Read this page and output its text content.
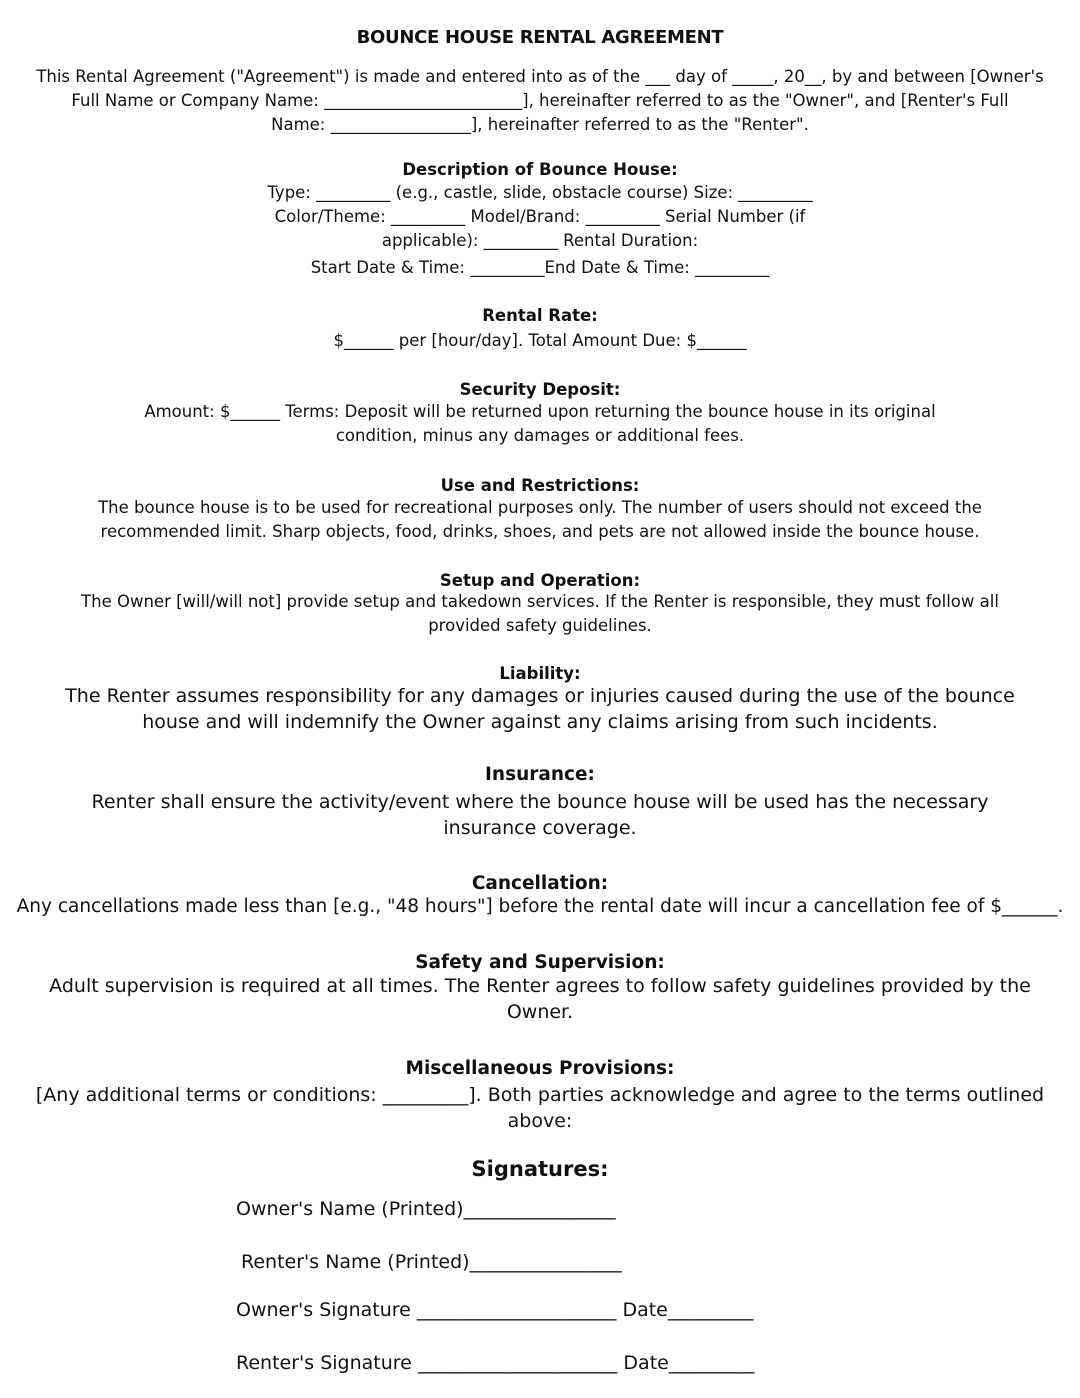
BOUNCE HOUSE RENTAL AGREEMENT
This Rental Agreement ("Agreement") is made and entered into as of the ___ day of _____, 20__, by and between [Owner's
Full Name or Company Name: ________________________], hereinafter referred to as the "Owner", and [Renter's Full
Name: _________________], hereinafter referred to as the "Renter".
Description of Bounce House:
Type: _________ (e.g., castle, slide, obstacle course) Size: _________
Color/Theme: _________ Model/Brand: _________ Serial Number (if
applicable): _________ Rental Duration:
Start Date & Time: _________End Date & Time: _________
Rental Rate:
$______ per [hour/day]. Total Amount Due: $______
Security Deposit:
Amount: $______ Terms: Deposit will be returned upon returning the bounce house in its original
condition, minus any damages or additional fees.
Use and Restrictions:
The bounce house is to be used for recreational purposes only. The number of users should not exceed the
recommended limit. Sharp objects, food, drinks, shoes, and pets are not allowed inside the bounce house.
Setup and Operation:
The Owner [will/will not] provide setup and takedown services. If the Renter is responsible, they must follow all
provided safety guidelines.
Liability:
The Renter assumes responsibility for any damages or injuries caused during the use of the bounce
house and will indemnify the Owner against any claims arising from such incidents.
Insurance:
Renter shall ensure the activity/event where the bounce house will be used has the necessary
insurance coverage.
Cancellation:
Any cancellations made less than [e.g., "48 hours"] before the rental date will incur a cancellation fee of $______.
Safety and Supervision:
Adult supervision is required at all times. The Renter agrees to follow safety guidelines provided by the
Owner.
Miscellaneous Provisions:
[Any additional terms or conditions: _________]. Both parties acknowledge and agree to the terms outlined
above:
Signatures:
Owner's Name (Printed)________________
Renter's Name (Printed)________________
Owner's Signature _____________________ Date_________
Renter's Signature _____________________ Date_________
